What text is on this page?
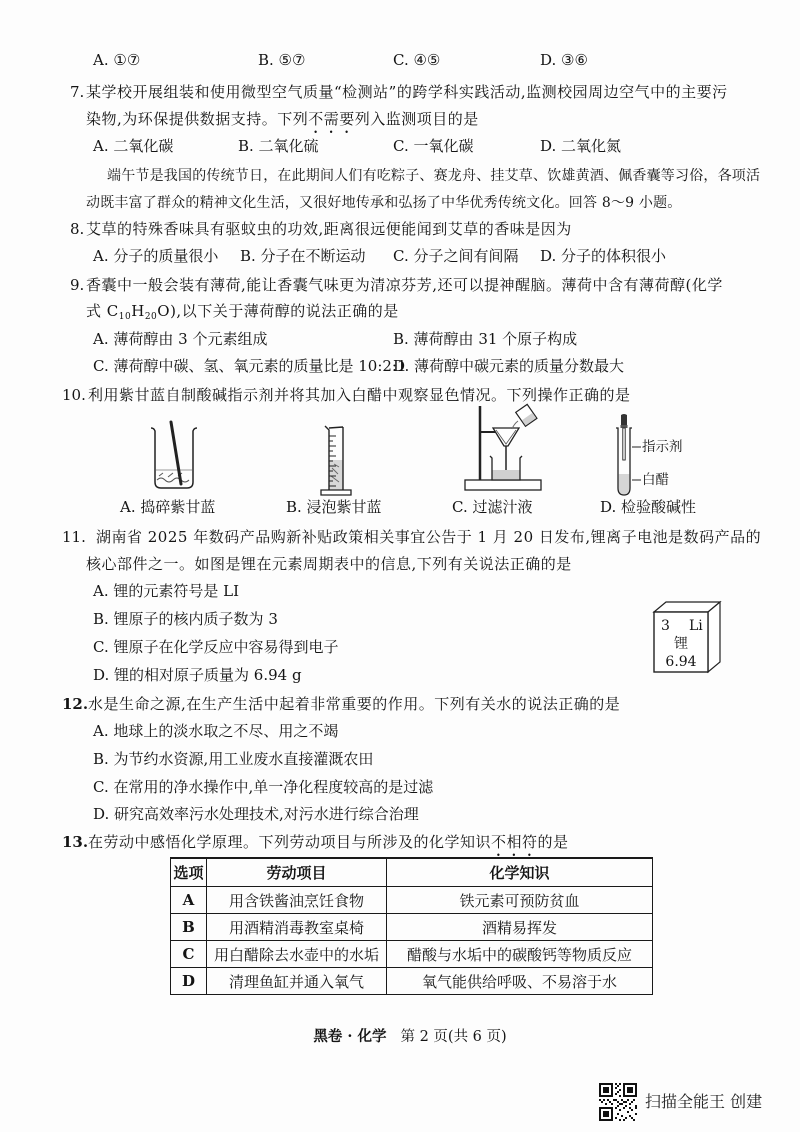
A. ①⑦	B. ⑤⑦	C. ④⑤	D. ③⑥
7. 某学校开展组装和使用微型空气质量“检测站”的跨学科实践活动,监测校园周边空气中的主要污
染物,为环保提供数据支持。下列不需要列入监测项目的是
A. 二氧化碳	B. 二氧化硫	C. 一氧化碳	D. 二氧化氮
端午节是我国的传统节日，在此期间人们有吃粽子、赛龙舟、挂艾草、饮雄黄酒、佩香囊等习俗，各项活
动既丰富了群众的精神文化生活，又很好地传承和弘扬了中华优秀传统文化。回答 8～9 小题。
8. 艾草的特殊香味具有驱蚊虫的功效,距离很远便能闻到艾草的香味是因为
A. 分子的质量很小 B. 分子在不断运动 C. 分子之间有间隔 D. 分子的体积很小
9. 香囊中一般会装有薄荷,能让香囊气味更为清凉芬芳,还可以提神醒脑。薄荷中含有薄荷醇(化学
式 $C_{10}H_{20}O$),以下关于薄荷醇的说法正确的是
A. 薄荷醇由 3 个元素组成	B. 薄荷醇由 31 个原子构成
C. 薄荷醇中碳、氢、氧元素的质量比是 10:2:1
D. 薄荷醇中碳元素的质量分数最大
10. 利用紫甘蓝自制酸碱指示剂并将其加入白醋中观察显色情况。下列操作正确的是
指示剂
白醋
A. 捣碎紫甘蓝	B. 浸泡紫甘蓝	C. 过滤汁液	D. 检验酸碱性
11. 湖南省 2025 年数码产品购新补贴政策相关事宜公告于 1 月 20 日发布,锂离子电池是数码产品的
核心部件之一。如图是锂在元素周期表中的信息,下列有关说法正确的是
A. 锂的元素符号是 LI
B. 锂原子的核内质子数为 3
C. 锂原子在化学反应中容易得到电子
D. 锂的相对原子质量为 6.94 g
3 Li
锂
6.94
12. 水是生命之源,在生产生活中起着非常重要的作用。下列有关水的说法正确的是
A. 地球上的淡水取之不尽、用之不竭
B. 为节约水资源,用工业废水直接灌溉农田
C. 在常用的净水操作中,单一净化程度较高的是过滤
D. 研究高效率污水处理技术,对污水进行综合治理
13. 在劳动中感悟化学原理。下列劳动项目与所涉及的化学知识不相符的是
选项	劳动项目	化学知识
A	用含铁酱油烹饪食物	铁元素可预防贫血
B	用酒精消毒教室桌椅	酒精易挥发
C	用白醋除去水壶中的水垢	醋酸与水垢中的碳酸钙等物质反应
D	清理鱼缸并通入氧气	氧气能供给呼吸、不易溶于水
黑卷 · 化学 第 2 页(共 6 页)
扫描全能王 创建
